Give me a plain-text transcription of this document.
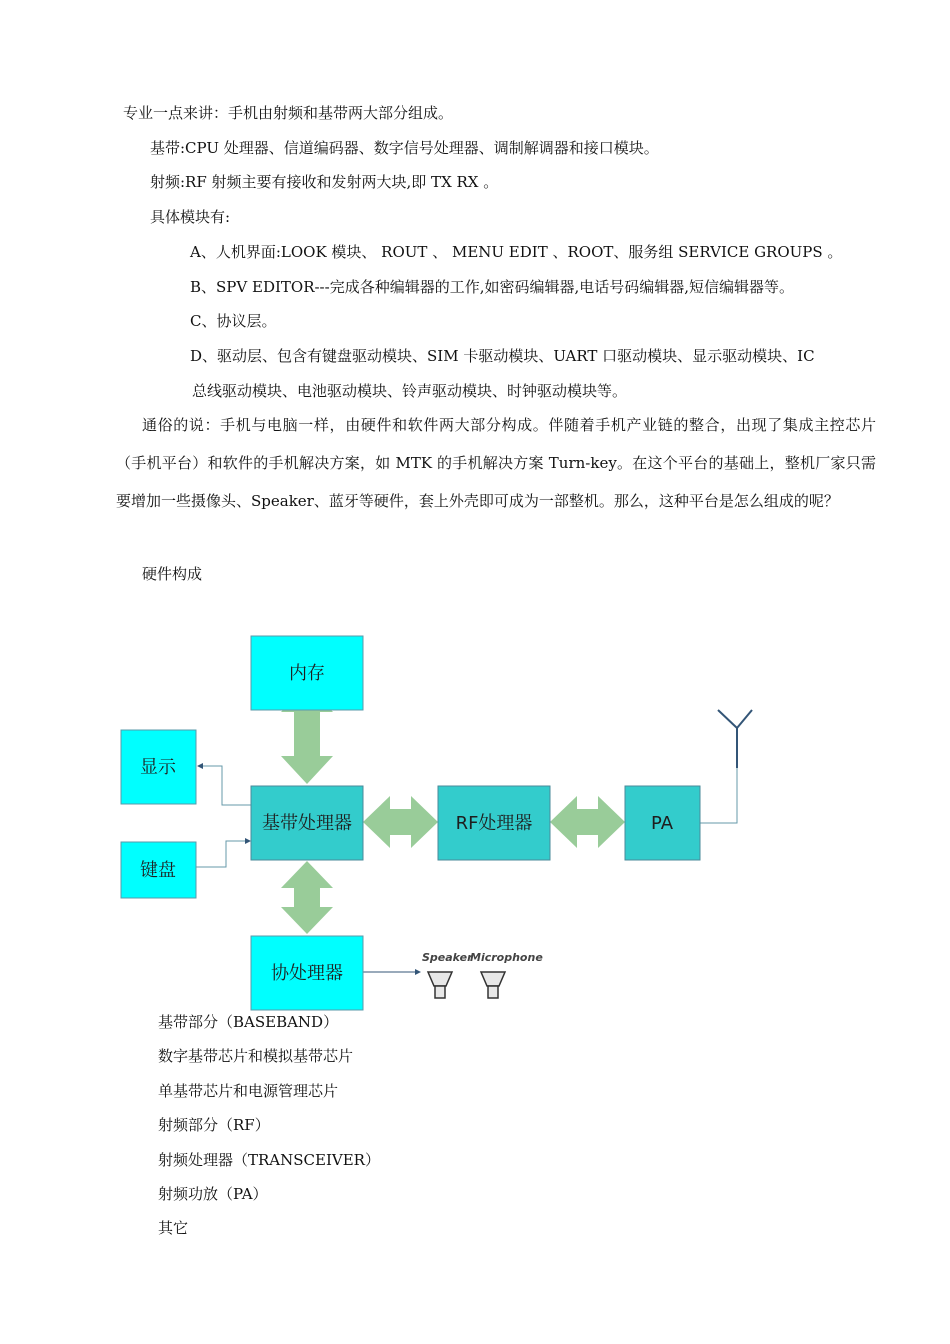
专业一点来讲：手机由射频和基带两大部分组成。
基带:CPU 处理器、信道编码器、数字信号处理器、调制解调器和接口模块。
射频:RF 射频主要有接收和发射两大块,即 TX RX 。
具体模块有:
A、人机界面:LOOK 模块、 ROUT 、 MENU EDIT 、ROOT、服务组 SERVICE GROUPS 。
B、SPV EDITOR---完成各种编辑器的工作,如密码编辑器,电话号码编辑器,短信编辑器等。
C、协议层。
D、驱动层、包含有键盘驱动模块、SIM 卡驱动模块、UART 口驱动模块、显示驱动模块、IC
总线驱动模块、电池驱动模块、铃声驱动模块、时钟驱动模块等。
通俗的说：手机与电脑一样，由硬件和软件两大部分构成。伴随着手机产业链的整合，出现了集成主控芯片（手机平台）和软件的手机解决方案，如 MTK 的手机解决方案 Turn-key。在这个平台的基础上，整机厂家只需要增加一些摄像头、Speaker、蓝牙等硬件，套上外壳即可成为一部整机。那么，这种平台是怎么组成的呢？
硬件构成
内存
显示
键盘
基带处理器	RF处理器	PA
协处理器
Speaker
Microphone
基带部分（BASEBAND）
数字基带芯片和模拟基带芯片
单基带芯片和电源管理芯片
射频部分（RF）
射频处理器（TRANSCEIVER）
射频功放（PA）
其它
